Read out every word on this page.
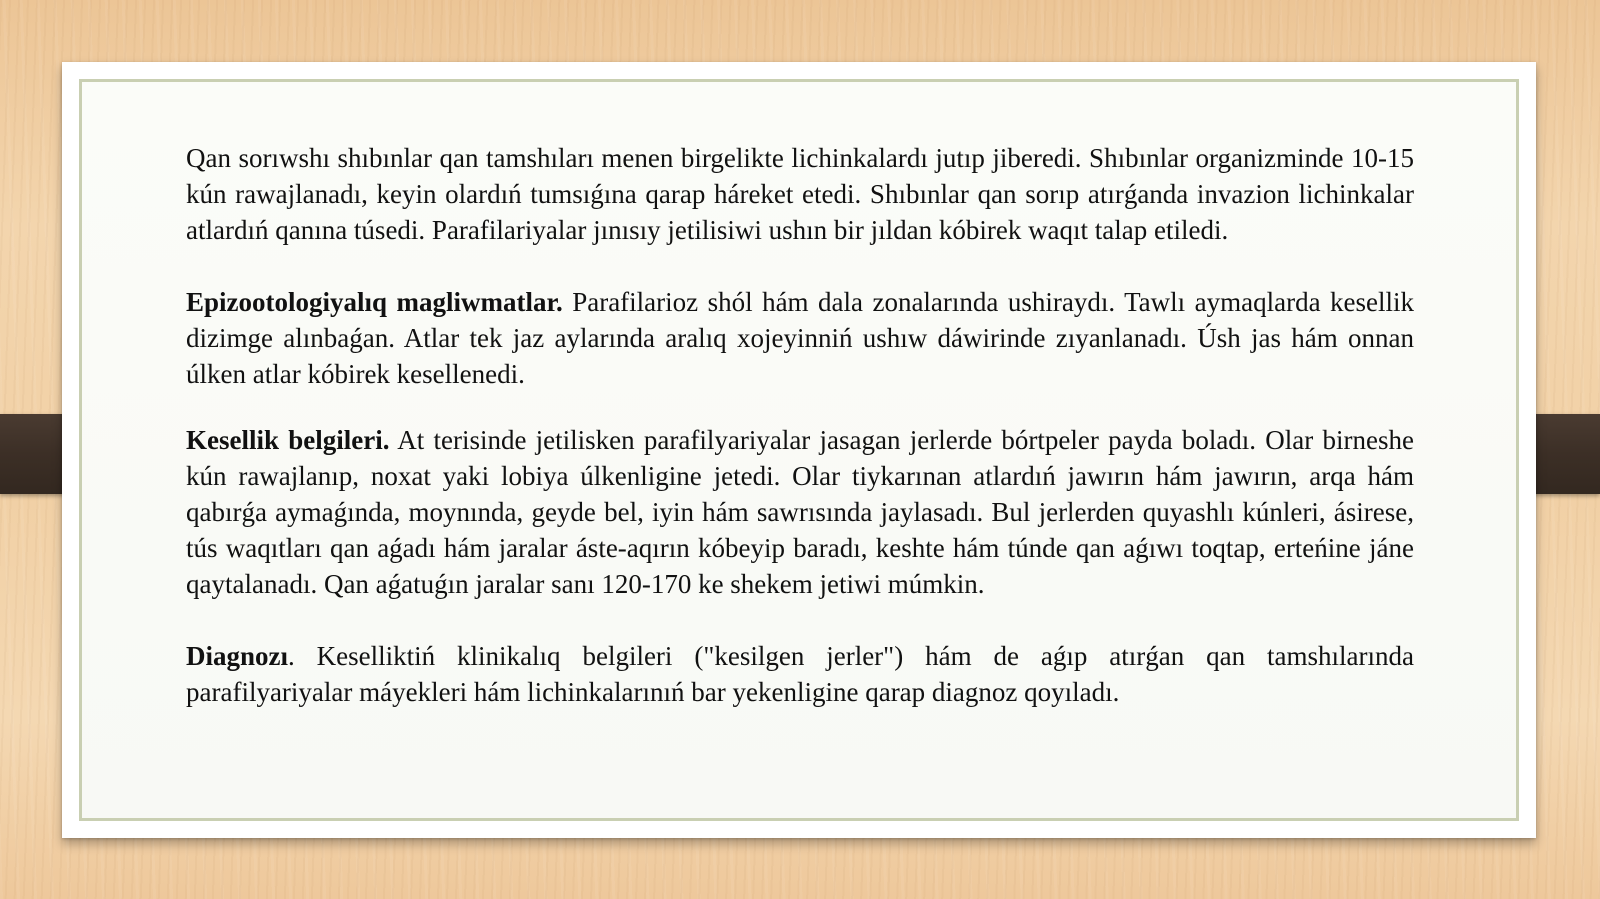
Qan sorıwshı shıbınlar qan tamshıları menen birgelikte lichinkalardı jutıp jiberedi. Shıbınlar organizminde 10-15 kún rawajlanadı, keyin olardıń tumsıǵına qarap háreket etedi. Shıbınlar qan sorıp atırǵanda invazion lichinkalar atlardıń qanına túsedi. Parafilariyalar jınısıy jetilisiwi ushın bir jıldan kóbirek waqıt talap etiledi.

Epizootologiyalıq magliwmatlar. Parafilarioz shól hám dala zonalarında ushiraydı. Tawlı aymaqlarda kesellik dizimge alınbaǵan. Atlar tek jaz aylarında aralıq xojeyinniń ushıw dáwirinde zıyanlanadı. Úsh jas hám onnan úlken atlar kóbirek kesellenedi.

Kesellik belgileri. At terisinde jetilisken parafilyariyalar jasagan jerlerde bórtpeler payda boladı. Olar birneshe kún rawajlanıp, noxat yaki lobiya úlkenligine jetedi. Olar tiykarınan atlardıń jawırın hám jawırın, arqa hám qabırǵa aymaǵında, moynında, geyde bel, iyin hám sawrısında jaylasadı. Bul jerlerden quyashlı kúnleri, ásirese, tús waqıtları qan aǵadı hám jaralar áste-aqırın kóbeyip baradı, keshte hám túnde qan aǵıwı toqtap, erteńine jáne qaytalanadı. Qan aǵatuǵın jaralar sanı 120-170 ke shekem jetiwi múmkin.

Diagnozı. Keselliktiń klinikalıq belgileri ("kesilgen jerler") hám de aǵıp atırǵan qan tamshılarında parafilyariyalar máyekleri hám lichinkalarınıń bar yekenligine qarap diagnoz qoyıladı.
